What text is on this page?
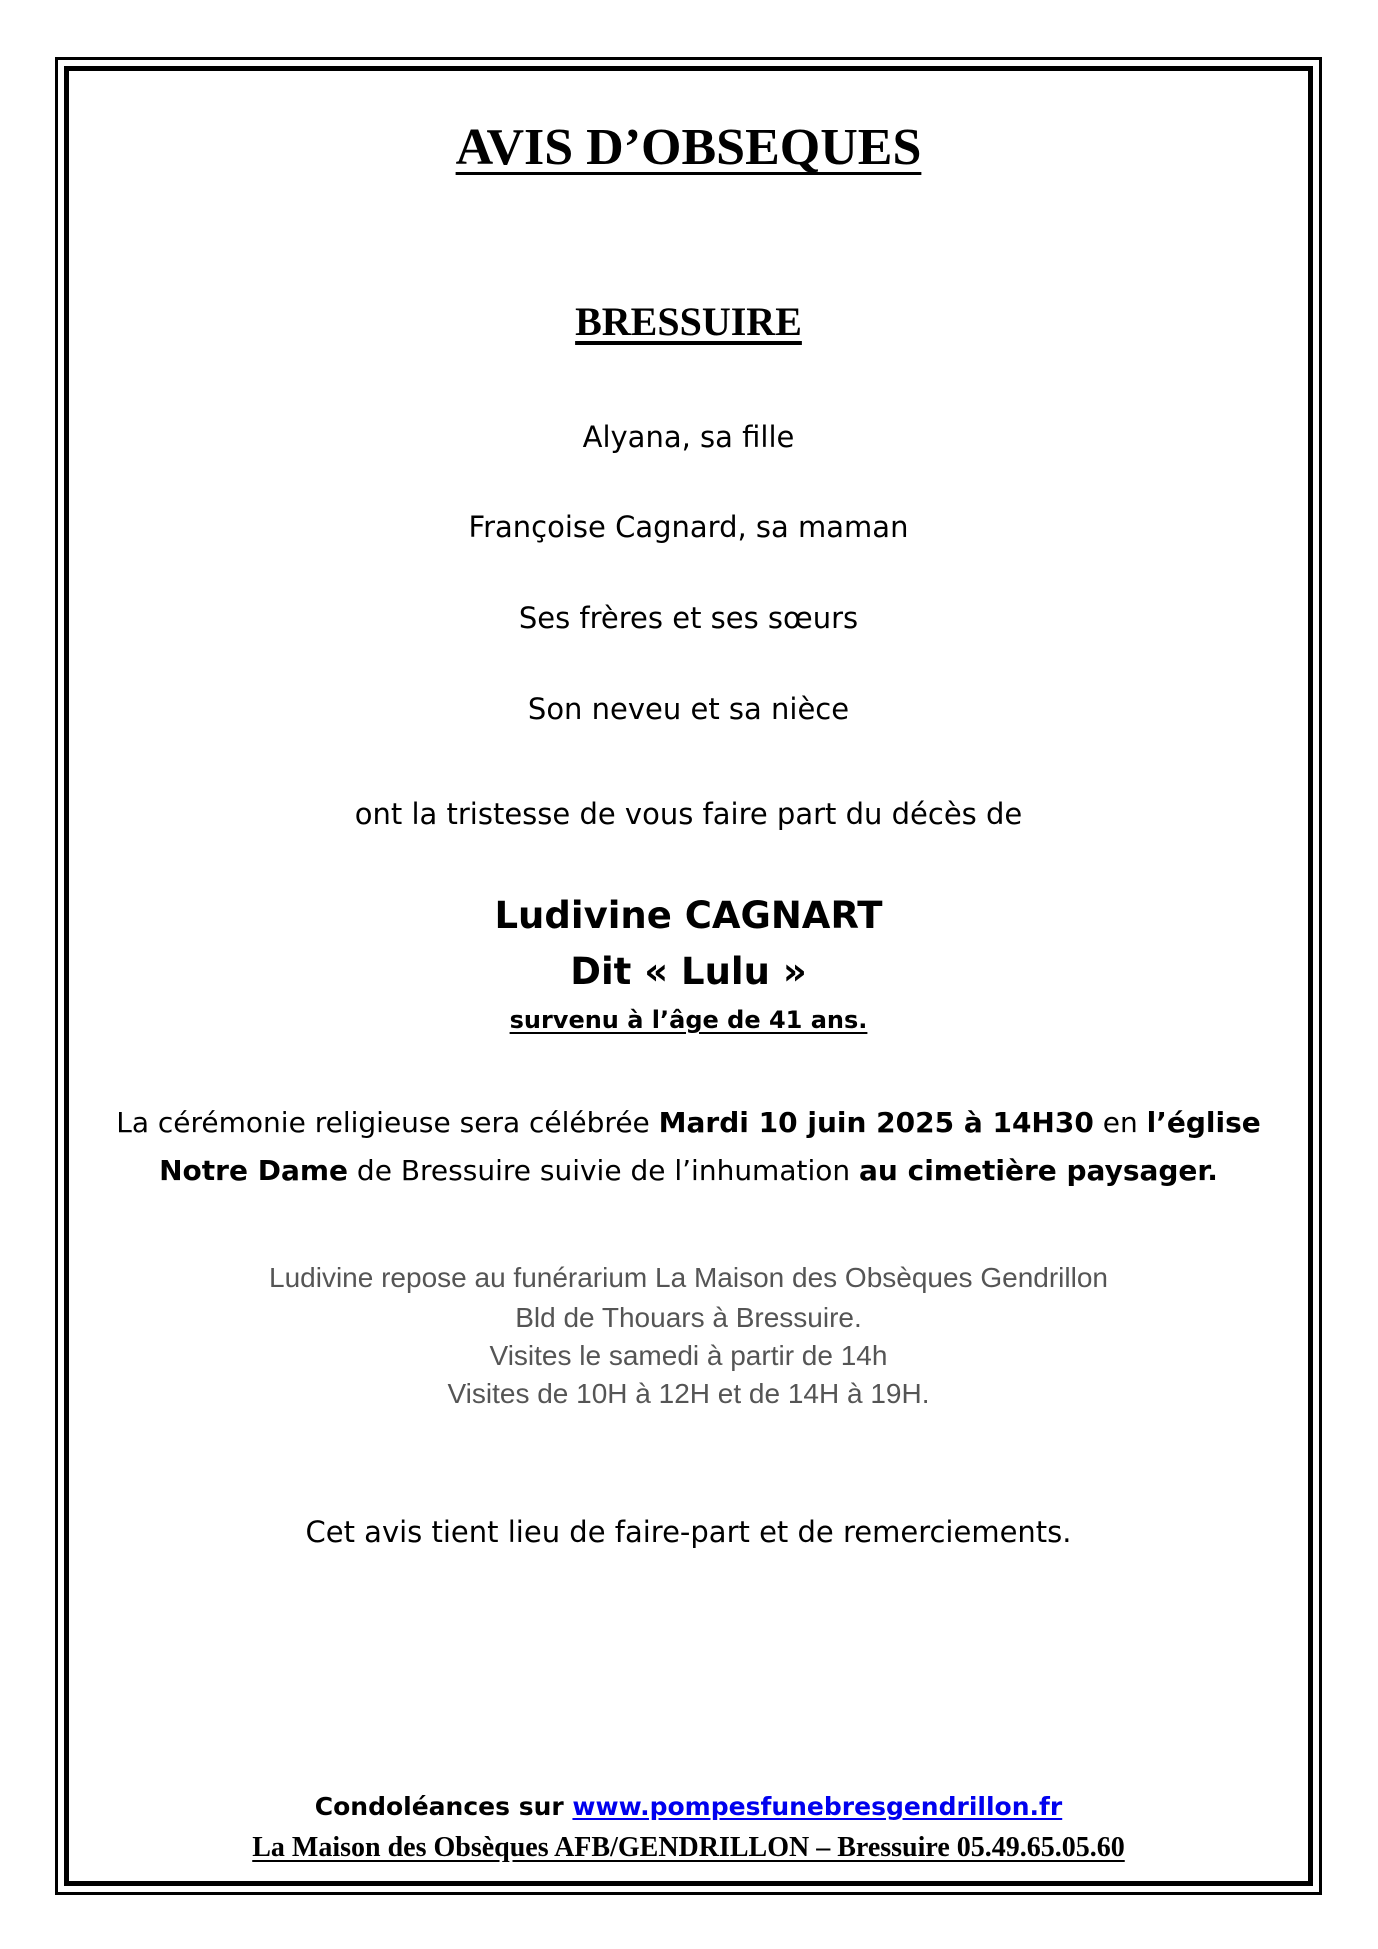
AVIS D’OBSEQUES
BRESSUIRE
Alyana, sa fille
Françoise Cagnard, sa maman
Ses frères et ses sœurs
Son neveu et sa nièce
ont la tristesse de vous faire part du décès de
Ludivine CAGNART
Dit « Lulu »
survenu à l’âge de 41 ans.
La cérémonie religieuse sera célébrée Mardi 10 juin 2025 à 14H30 en l’église
Notre Dame de Bressuire suivie de l’inhumation au cimetière paysager.
Ludivine repose au funérarium La Maison des Obsèques Gendrillon
Bld de Thouars à Bressuire.
Visites le samedi à partir de 14h
Visites de 10H à 12H et de 14H à 19H.
Cet avis tient lieu de faire-part et de remerciements.
Condoléances sur www.pompesfunebresgendrillon.fr
La Maison des Obsèques AFB/GENDRILLON – Bressuire 05.49.65.05.60
